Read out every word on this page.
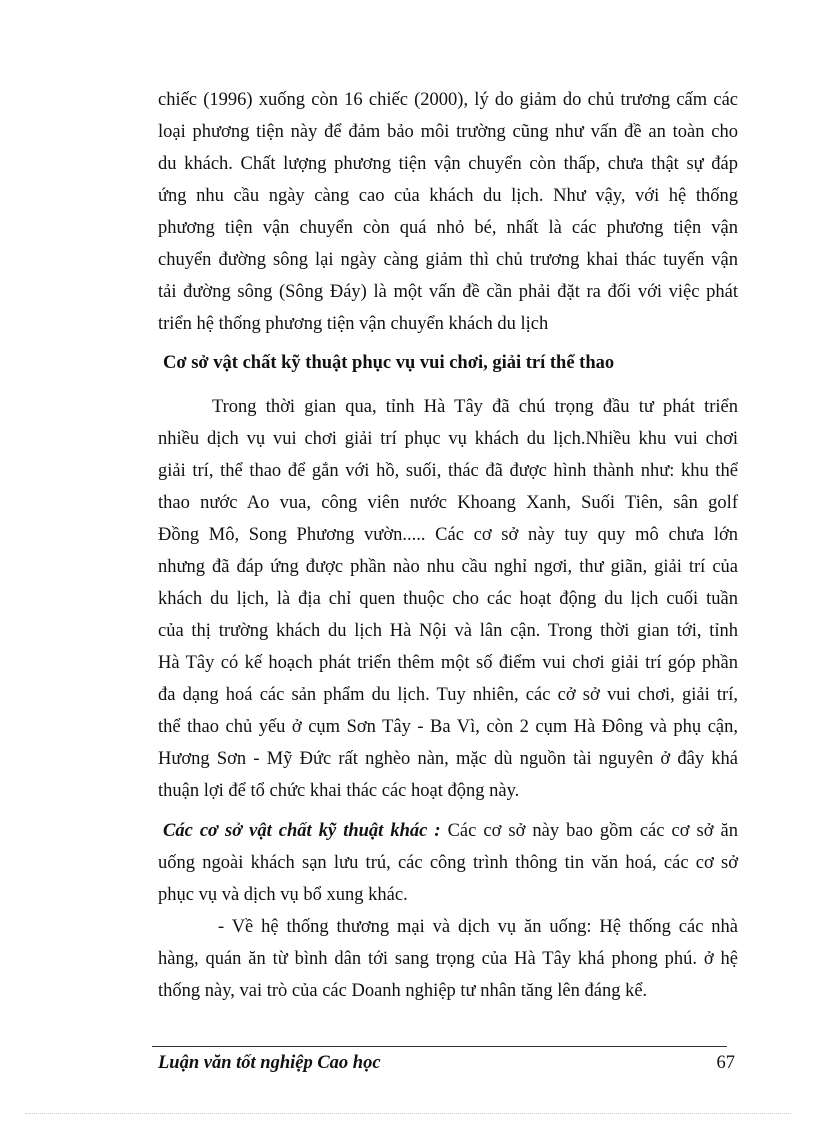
chiếc (1996) xuống còn 16 chiếc (2000), lý do giảm do chủ trương cấm các
loại phương tiện này để đảm bảo môi trường cũng như vấn đề an toàn cho
du khách. Chất lượng phương tiện vận chuyển còn thấp, chưa thật sự đáp
ứng nhu cầu ngày càng cao của khách du lịch. Như vậy, với hệ thống
phương tiện vận chuyển còn quá nhỏ bé, nhất là các phương tiện vận
chuyển đường sông lại ngày càng giảm thì chủ trương khai thác tuyến vận
tải đường sông (Sông Đáy) là một vấn đề cần phải đặt ra đối với việc phát
triển hệ thống phương tiện vận chuyển khách du lịch
Cơ sở vật chất kỹ thuật phục vụ vui chơi, giải trí thể thao
Trong thời gian qua, tỉnh Hà Tây đã chú trọng đầu tư phát triển
nhiều dịch vụ vui chơi giải trí phục vụ khách du lịch.Nhiều khu vui chơi
giải trí, thể thao để gắn với hồ, suối, thác đã được hình thành như: khu thể
thao nước Ao vua, công viên nước Khoang Xanh, Suối Tiên, sân golf
Đồng Mô, Song Phương vườn..... Các cơ sở này tuy quy mô chưa lớn
nhưng đã đáp ứng được phần nào nhu cầu nghỉ ngơi, thư giãn, giải trí của
khách du lịch, là địa chỉ quen thuộc cho các hoạt động du lịch cuối tuần
của thị trường khách du lịch Hà Nội và lân cận. Trong thời gian tới, tỉnh
Hà Tây có kế hoạch phát triển thêm một số điểm vui chơi giải trí góp phần
đa dạng hoá các sản phẩm du lịch. Tuy nhiên, các cở sở vui chơi, giải trí,
thể thao chủ yếu ở cụm Sơn Tây - Ba Vì, còn 2 cụm Hà Đông và phụ cận,
Hương Sơn - Mỹ Đức rất nghèo nàn, mặc dù nguồn tài nguyên ở đây khá
thuận lợi để tổ chức khai thác các hoạt động này.
Các cơ sở vật chất kỹ thuật khác : Các cơ sở này bao gồm các cơ sở ăn
uống ngoài khách sạn lưu trú, các công trình thông tin văn hoá, các cơ sở
phục vụ và dịch vụ bổ xung khác.
- Về hệ thống thương mại và dịch vụ ăn uống: Hệ thống các nhà
hàng, quán ăn từ bình dân tới sang trọng của Hà Tây khá phong phú. ở hệ
thống này, vai trò của các Doanh nghiệp tư nhân tăng lên đáng kể.
Luận văn tốt nghiệp Cao học	67
